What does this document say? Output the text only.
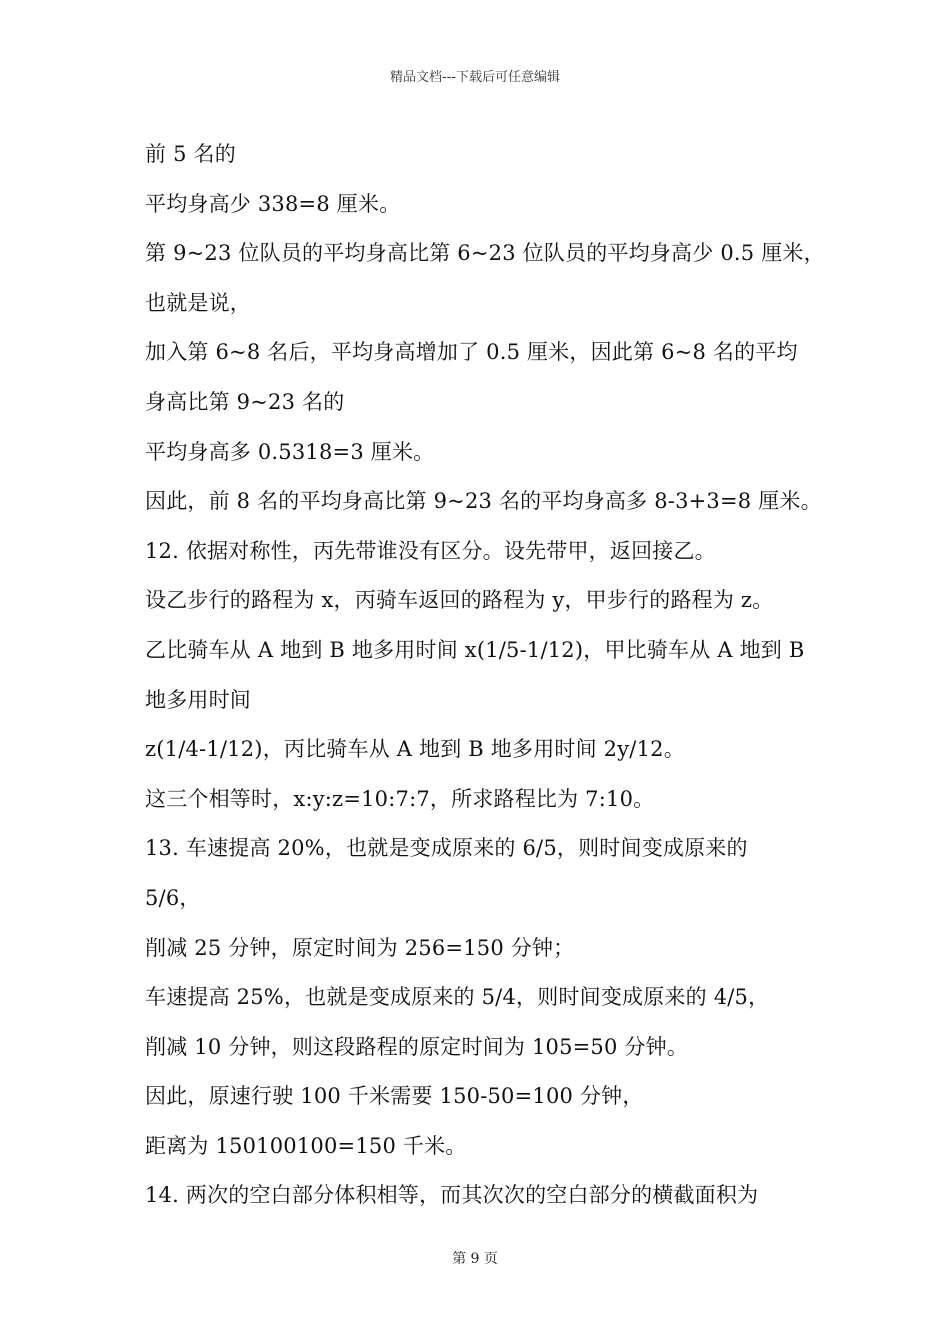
精品文档---下载后可任意编辑
前 5 名的
平均身高少 338=8 厘米。
第 9~23 位队员的平均身高比第 6~23 位队员的平均身高少 0.5 厘米，
也就是说，
加入第 6~8 名后，平均身高增加了 0.5 厘米，因此第 6~8 名的平均
身高比第 9~23 名的
平均身高多 0.5318=3 厘米。
因此，前 8 名的平均身高比第 9~23 名的平均身高多 8-3+3=8 厘米。
12. 依据对称性，丙先带谁没有区分。设先带甲，返回接乙。
设乙步行的路程为 x，丙骑车返回的路程为 y，甲步行的路程为 z。
乙比骑车从 A 地到 B 地多用时间 x(1/5-1/12)，甲比骑车从 A 地到 B
地多用时间
z(1/4-1/12)，丙比骑车从 A 地到 B 地多用时间 2y/12。
这三个相等时，x:y:z=10:7:7，所求路程比为 7:10。
13. 车速提高 20%，也就是变成原来的 6/5，则时间变成原来的
5/6，
削减 25 分钟，原定时间为 256=150 分钟；
车速提高 25%，也就是变成原来的 5/4，则时间变成原来的 4/5，
削减 10 分钟，则这段路程的原定时间为 105=50 分钟。
因此，原速行驶 100 千米需要 150-50=100 分钟，
距离为 150100100=150 千米。
14. 两次的空白部分体积相等，而其次次的空白部分的横截面积为
第 9 页
